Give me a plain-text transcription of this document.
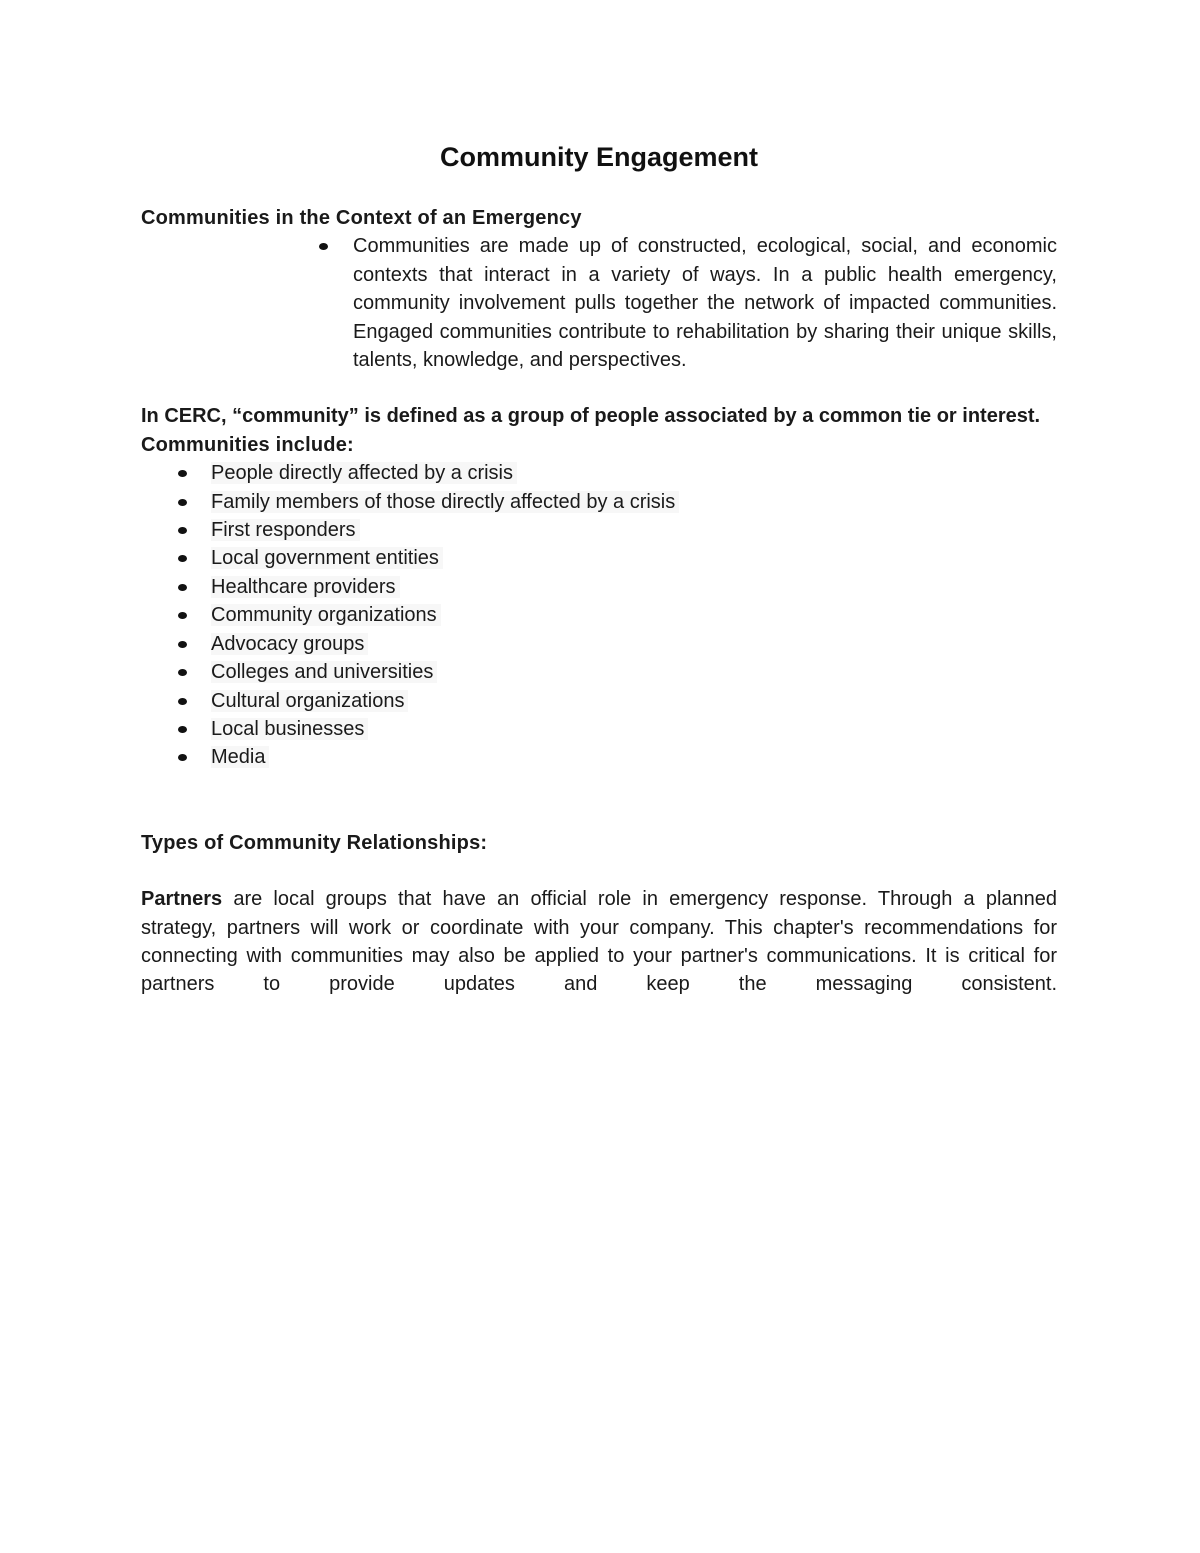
Community Engagement

Communities in the Context of an Emergency

Communities are made up of constructed, ecological, social, and economic contexts that interact in a variety of ways. In a public health emergency, community involvement pulls together the network of impacted communities. Engaged communities contribute to rehabilitation by sharing their unique skills, talents, knowledge, and perspectives.

In CERC, “community” is defined as a group of people associated by a common tie or interest.

Communities include:

People directly affected by a crisis
Family members of those directly affected by a crisis
First responders
Local government entities
Healthcare providers
Community organizations
Advocacy groups
Colleges and universities
Cultural organizations
Local businesses
Media

Types of Community Relationships:

Partners are local groups that have an official role in emergency response. Through a planned strategy, partners will work or coordinate with your company. This chapter's recommendations for connecting with communities may also be applied to your partner's communications. It is critical for partners to provide updates and keep the messaging consistent.
